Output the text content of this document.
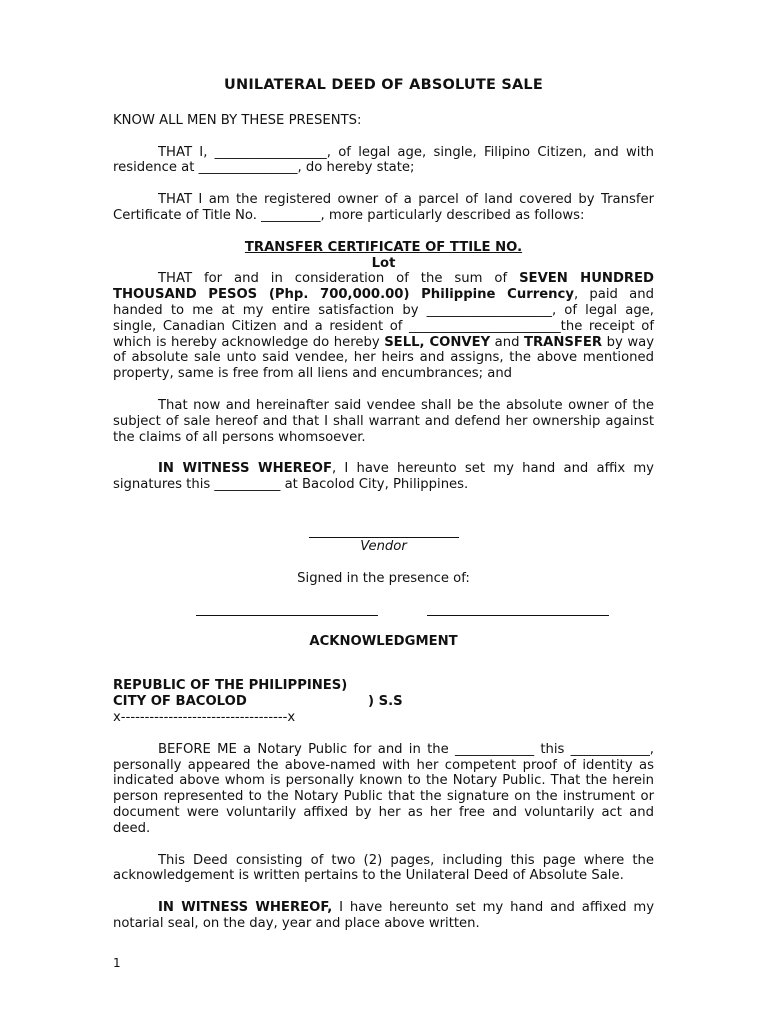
UNILATERAL DEED OF ABSOLUTE SALE

KNOW ALL MEN BY THESE PRESENTS:

THAT I, _________________, of legal age, single, Filipino Citizen, and with residence at _______________, do hereby state;

THAT I am the registered owner of a parcel of land covered by Transfer Certificate of Title No. _________, more particularly described as follows:

TRANSFER CERTIFICATE OF TTILE NO.

Lot

THAT for and in consideration of the sum of SEVEN HUNDRED THOUSAND PESOS (Php. 700,000.00) Philippine Currency, paid and handed to me at my entire satisfaction by ___________________, of legal age, single, Canadian Citizen and a resident of _______________________the receipt of which is hereby acknowledge do hereby SELL, CONVEY and TRANSFER by way of absolute sale unto said vendee, her heirs and assigns, the above mentioned property, same is free from all liens and encumbrances; and

That now and hereinafter said vendee shall be the absolute owner of the subject of sale hereof and that I shall warrant and defend her ownership against the claims of all persons whomsoever.

IN WITNESS WHEREOF, I have hereunto set my hand and affix my signatures this __________ at Bacolod City, Philippines.

Vendor

Signed in the presence of:

ACKNOWLEDGMENT

REPUBLIC OF THE PHILIPPINES)

CITY OF BACOLOD	) S.S

x-----------------------------------x

BEFORE ME a Notary Public for and in the ____________ this ____________, personally appeared the above-named with her competent proof of identity as indicated above whom is personally known to the Notary Public. That the herein person represented to the Notary Public that the signature on the instrument or document were voluntarily affixed by her as her free and voluntarily act and deed.

This Deed consisting of two (2) pages, including this page where the acknowledgement is written pertains to the Unilateral Deed of Absolute Sale.

IN WITNESS WHEREOF, I have hereunto set my hand and affixed my notarial seal, on the day, year and place above written.

1
